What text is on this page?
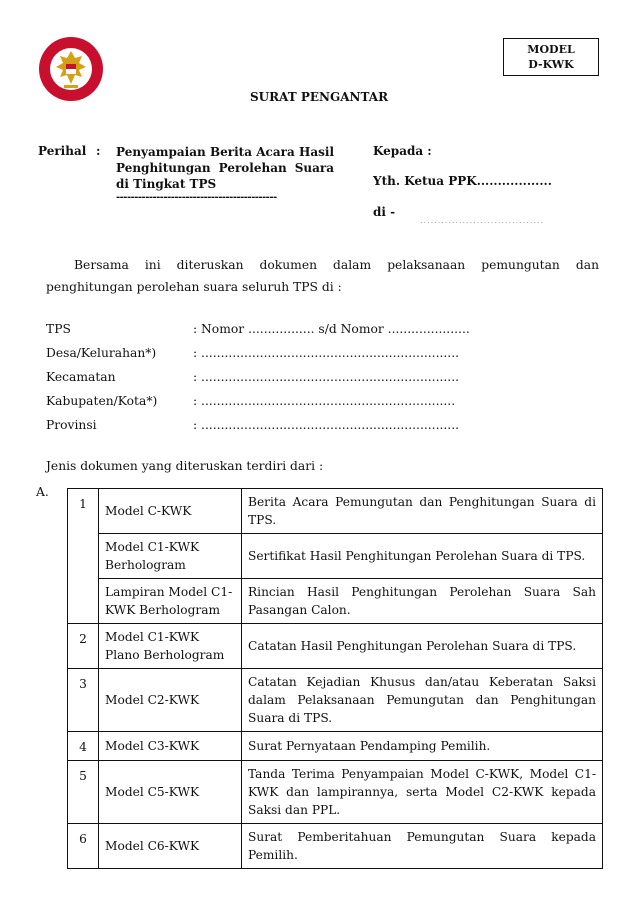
MODEL
D-KWK
SURAT PENGANTAR
Perihal : Penyampaian Berita Acara Hasil Penghitungan Perolehan Suara di Tingkat TPS
--------------------------------------------
Kepada :
Yth. Ketua PPK..................
di -
...................................
Bersama ini diteruskan dokumen dalam pelaksanaan pemungutan dan
penghitungan perolehan suara seluruh TPS di :
TPS	: Nomor ................. s/d Nomor .....................
Desa/Kelurahan*)	: ..................................................................
Kecamatan	: ..................................................................
Kabupaten/Kota*)	: .................................................................
Provinsi	: ..................................................................
Jenis dokumen yang diteruskan terdiri dari :
A.
1	Model C-KWK	Berita Acara Pemungutan dan Penghitungan Suara di TPS.
	Model C1-KWK Berhologram	Sertifikat Hasil Penghitungan Perolehan Suara di TPS.
	Lampiran Model C1-KWK Berhologram	Rincian Hasil Penghitungan Perolehan Suara Sah Pasangan Calon.
2	Model C1-KWK Plano Berhologram	Catatan Hasil Penghitungan Perolehan Suara di TPS.
3	Model C2-KWK	Catatan Kejadian Khusus dan/atau Keberatan Saksi dalam Pelaksanaan Pemungutan dan Penghitungan Suara di TPS.
4	Model C3-KWK	Surat Pernyataan Pendamping Pemilih.
5	Model C5-KWK	Tanda Terima Penyampaian Model C-KWK, Model C1-KWK dan lampirannya, serta Model C2-KWK kepada Saksi dan PPL.
6	Model C6-KWK	Surat Pemberitahuan Pemungutan Suara kepada Pemilih.
